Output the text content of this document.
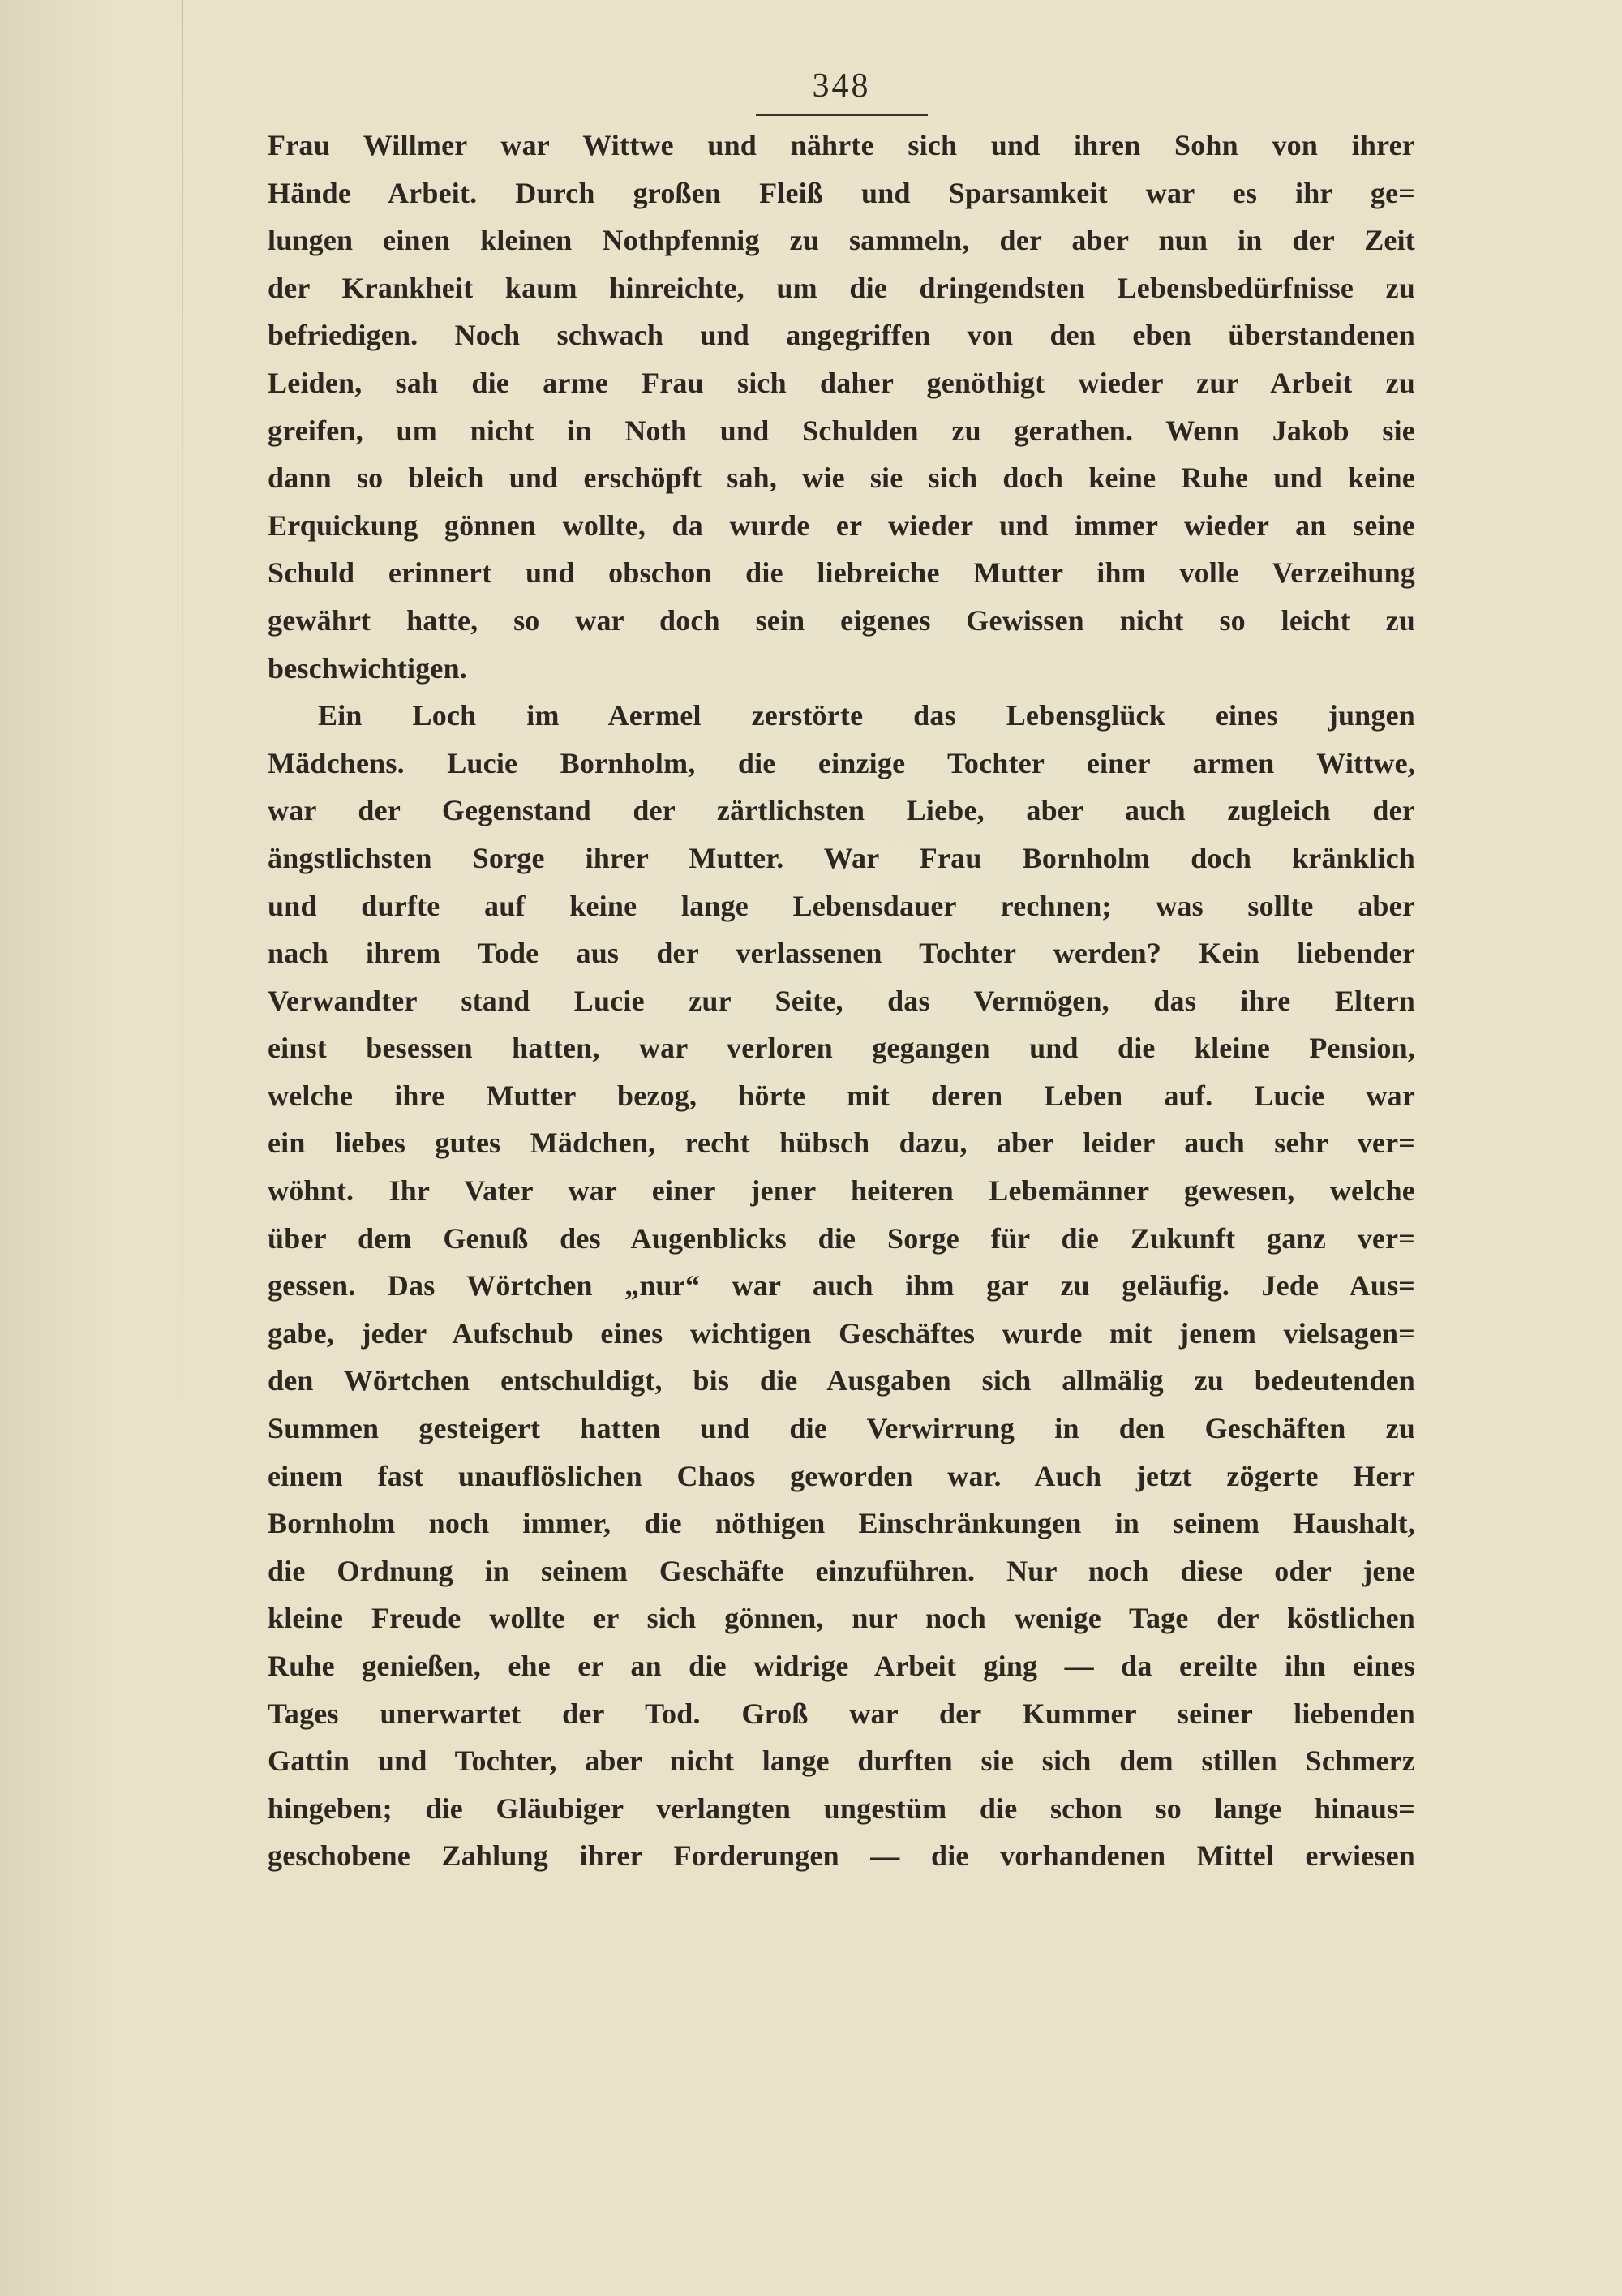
348
Frau Willmer war Wittwe und nährte sich und ihren Sohn von ihrer
Hände Arbeit. Durch großen Fleiß und Sparsamkeit war es ihr ge=
lungen einen kleinen Nothpfennig zu sammeln, der aber nun in der Zeit
der Krankheit kaum hinreichte, um die dringendsten Lebensbedürfnisse zu
befriedigen. Noch schwach und angegriffen von den eben überstandenen
Leiden, sah die arme Frau sich daher genöthigt wieder zur Arbeit zu
greifen, um nicht in Noth und Schulden zu gerathen. Wenn Jakob sie
dann so bleich und erschöpft sah, wie sie sich doch keine Ruhe und keine
Erquickung gönnen wollte, da wurde er wieder und immer wieder an seine
Schuld erinnert und obschon die liebreiche Mutter ihm volle Verzeihung
gewährt hatte, so war doch sein eigenes Gewissen nicht so leicht zu
beschwichtigen.
Ein Loch im Aermel zerstörte das Lebensglück eines jungen
Mädchens. Lucie Bornholm, die einzige Tochter einer armen Wittwe,
war der Gegenstand der zärtlichsten Liebe, aber auch zugleich der
ängstlichsten Sorge ihrer Mutter. War Frau Bornholm doch kränklich
und durfte auf keine lange Lebensdauer rechnen; was sollte aber
nach ihrem Tode aus der verlassenen Tochter werden? Kein liebender
Verwandter stand Lucie zur Seite, das Vermögen, das ihre Eltern
einst besessen hatten, war verloren gegangen und die kleine Pension,
welche ihre Mutter bezog, hörte mit deren Leben auf. Lucie war
ein liebes gutes Mädchen, recht hübsch dazu, aber leider auch sehr ver=
wöhnt. Ihr Vater war einer jener heiteren Lebemänner gewesen, welche
über dem Genuß des Augenblicks die Sorge für die Zukunft ganz ver=
gessen. Das Wörtchen „nur“ war auch ihm gar zu geläufig. Jede Aus=
gabe, jeder Aufschub eines wichtigen Geschäftes wurde mit jenem vielsagen=
den Wörtchen entschuldigt, bis die Ausgaben sich allmälig zu bedeutenden
Summen gesteigert hatten und die Verwirrung in den Geschäften zu
einem fast unauflöslichen Chaos geworden war. Auch jetzt zögerte Herr
Bornholm noch immer, die nöthigen Einschränkungen in seinem Haushalt,
die Ordnung in seinem Geschäfte einzuführen. Nur noch diese oder jene
kleine Freude wollte er sich gönnen, nur noch wenige Tage der köstlichen
Ruhe genießen, ehe er an die widrige Arbeit ging — da ereilte ihn eines
Tages unerwartet der Tod. Groß war der Kummer seiner liebenden
Gattin und Tochter, aber nicht lange durften sie sich dem stillen Schmerz
hingeben; die Gläubiger verlangten ungestüm die schon so lange hinaus=
geschobene Zahlung ihrer Forderungen — die vorhandenen Mittel erwiesen
